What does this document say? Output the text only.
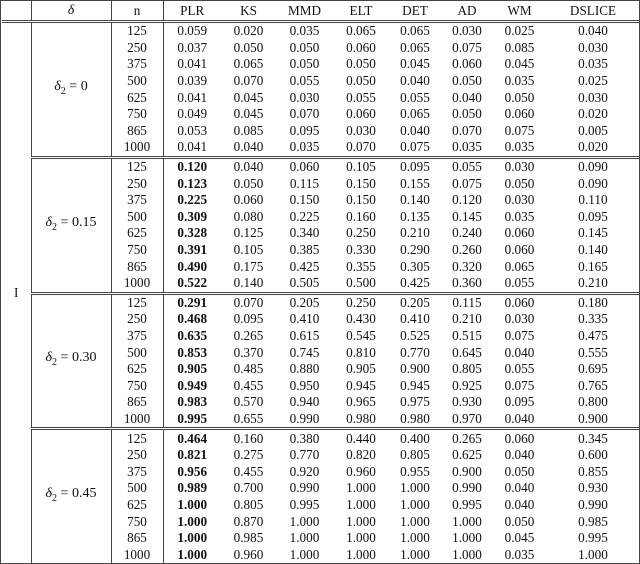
	δ	n	PLR	KS	MMD	ELT	DET	AD	WM	DSLICE
I	$\delta_2 = 0$	125	0.059	0.020	0.035	0.065	0.065	0.030	0.025	0.040
		250	0.037	0.050	0.050	0.060	0.065	0.075	0.085	0.030
		375	0.041	0.065	0.050	0.050	0.045	0.060	0.045	0.035
		500	0.039	0.070	0.055	0.050	0.040	0.050	0.035	0.025
		625	0.041	0.045	0.030	0.055	0.055	0.040	0.050	0.030
		750	0.049	0.045	0.070	0.060	0.065	0.050	0.060	0.020
		865	0.053	0.085	0.095	0.030	0.040	0.070	0.075	0.005
		1000	0.041	0.040	0.035	0.070	0.075	0.035	0.035	0.020
	$\delta_2 = 0.15$	125	0.120	0.040	0.060	0.105	0.095	0.055	0.030	0.090
		250	0.123	0.050	0.115	0.150	0.155	0.075	0.050	0.090
		375	0.225	0.060	0.150	0.150	0.140	0.120	0.030	0.110
		500	0.309	0.080	0.225	0.160	0.135	0.145	0.035	0.095
		625	0.328	0.125	0.340	0.250	0.210	0.240	0.060	0.145
		750	0.391	0.105	0.385	0.330	0.290	0.260	0.060	0.140
		865	0.490	0.175	0.425	0.355	0.305	0.320	0.065	0.165
		1000	0.522	0.140	0.505	0.500	0.425	0.360	0.055	0.210
	$\delta_2 = 0.30$	125	0.291	0.070	0.205	0.250	0.205	0.115	0.060	0.180
		250	0.468	0.095	0.410	0.430	0.410	0.210	0.030	0.335
		375	0.635	0.265	0.615	0.545	0.525	0.515	0.075	0.475
		500	0.853	0.370	0.745	0.810	0.770	0.645	0.040	0.555
		625	0.905	0.485	0.880	0.905	0.900	0.805	0.055	0.695
		750	0.949	0.455	0.950	0.945	0.945	0.925	0.075	0.765
		865	0.983	0.570	0.940	0.965	0.975	0.930	0.095	0.800
		1000	0.995	0.655	0.990	0.980	0.980	0.970	0.040	0.900
	$\delta_2 = 0.45$	125	0.464	0.160	0.380	0.440	0.400	0.265	0.060	0.345
		250	0.821	0.275	0.770	0.820	0.805	0.625	0.040	0.600
		375	0.956	0.455	0.920	0.960	0.955	0.900	0.050	0.855
		500	0.989	0.700	0.990	1.000	1.000	0.990	0.040	0.930
		625	1.000	0.805	0.995	1.000	1.000	0.995	0.040	0.990
		750	1.000	0.870	1.000	1.000	1.000	1.000	0.050	0.985
		865	1.000	0.985	1.000	1.000	1.000	1.000	0.045	0.995
		1000	1.000	0.960	1.000	1.000	1.000	1.000	0.035	1.000
